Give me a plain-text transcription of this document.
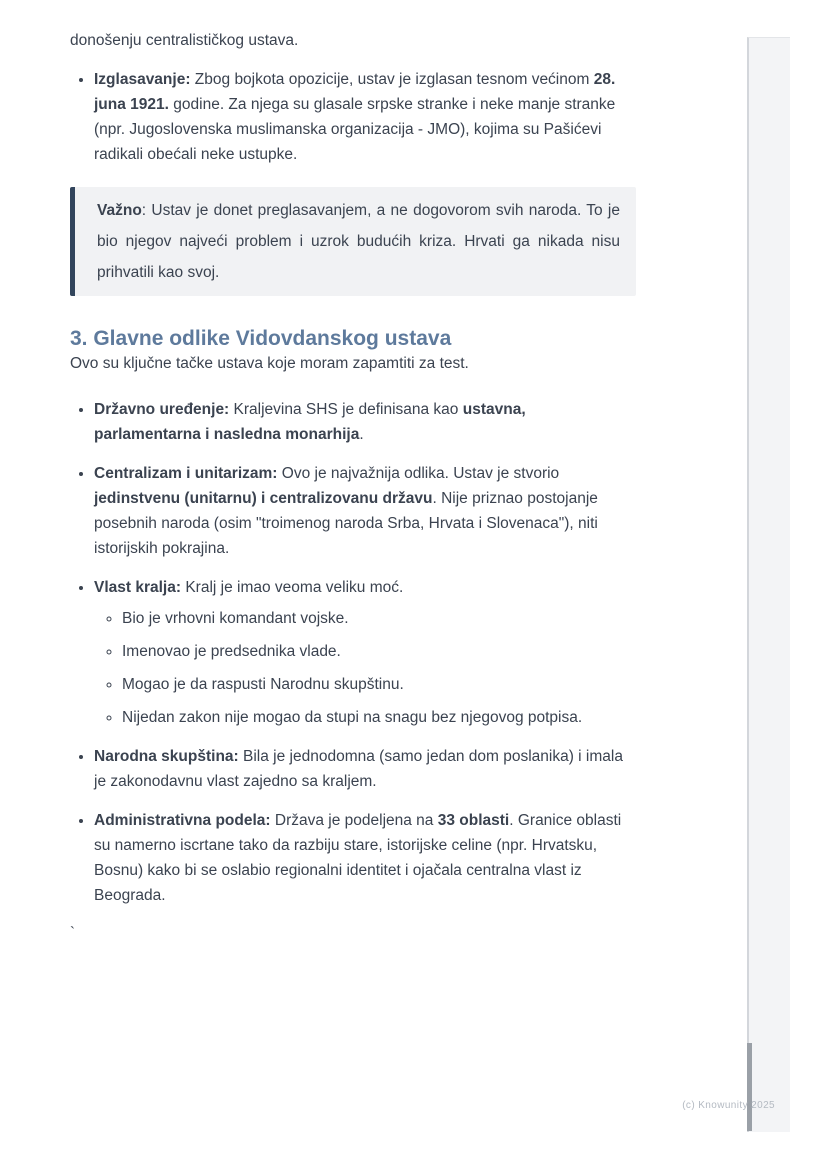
donošenju centralističkog ustava.

• Izglasavanje: Zbog bojkota opozicije, ustav je izglasan tesnom većinom 28. juna 1921. godine. Za njega su glasale srpske stranke i neke manje stranke (npr. Jugoslovenska muslimanska organizacija - JMO), kojima su Pašićevi radikali obećali neke ustupke.

Važno: Ustav je donet preglasavanjem, a ne dogovorom svih naroda. To je bio njegov najveći problem i uzrok budućih kriza. Hrvati ga nikada nisu prihvatili kao svoj.

3. Glavne odlike Vidovdanskog ustava

Ovo su ključne tačke ustava koje moram zapamtiti za test.

• Državno uređenje: Kraljevina SHS je definisana kao ustavna, parlamentarna i nasledna monarhija.
• Centralizam i unitarizam: Ovo je najvažnija odlika. Ustav je stvorio jedinstvenu (unitarnu) i centralizovanu državu. Nije priznao postojanje posebnih naroda (osim "troimenog naroda Srba, Hrvata i Slovenaca"), niti istorijskih pokrajina.
• Vlast kralja: Kralj je imao veoma veliku moć.
◦ Bio je vrhovni komandant vojske.
◦ Imenovao je predsednika vlade.
◦ Mogao je da raspusti Narodnu skupštinu.
◦ Nijedan zakon nije mogao da stupi na snagu bez njegovog potpisa.
• Narodna skupština: Bila je jednodomna (samo jedan dom poslanika) i imala je zakonodavnu vlast zajedno sa kraljem.
• Administrativna podela: Država je podeljena na 33 oblasti. Granice oblasti su namerno iscrtane tako da razbiju stare, istorijske celine (npr. Hrvatsku, Bosnu) kako bi se oslabio regionalni identitet i ojačala centralna vlast iz Beograda.
`
(c) Knowunity 2025
